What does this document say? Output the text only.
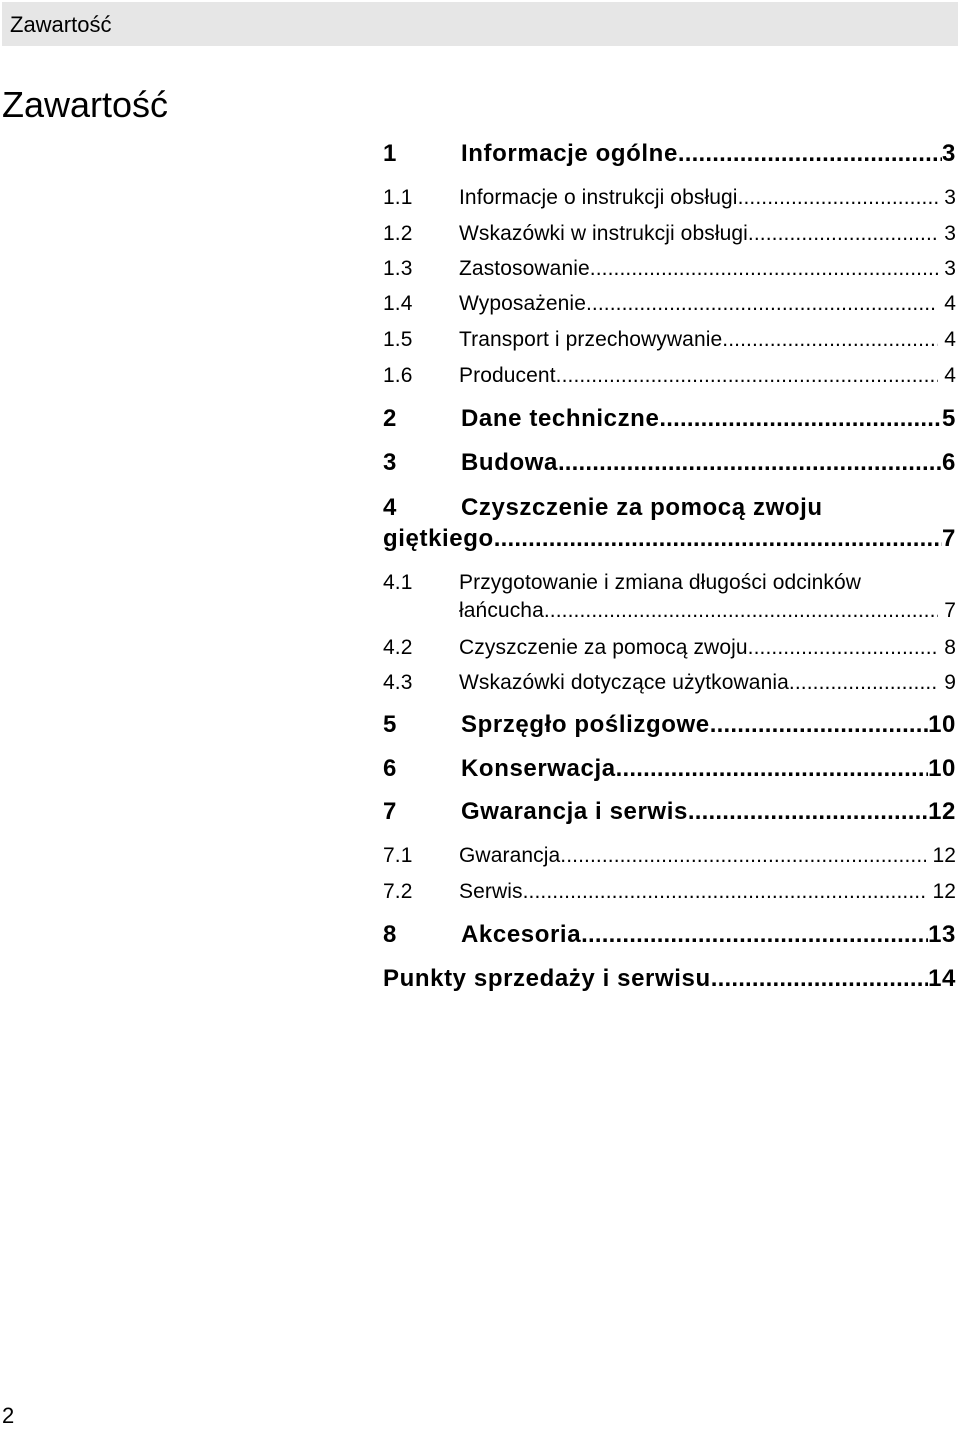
Zawartość
Zawartość
1	Informacje ogólne .....	3
1.1	Informacje o instrukcji obsługi .....	3
1.2	Wskazówki w instrukcji obsługi .....	3
1.3	Zastosowanie .....	3
1.4	Wyposażenie .....	4
1.5	Transport i przechowywanie .....	4
1.6	Producent .....	4
2	Dane techniczne .....	5
3	Budowa .....	6
4	Czyszczenie za pomocą zwoju
giętkiego .....	7
4.1 Przygotowanie i zmiana długości odcinków
łańcucha .....	7
4.2	Czyszczenie za pomocą zwoju .....	8
4.3	Wskazówki dotyczące użytkowania .....	9
5	Sprzęgło poślizgowe .....	10
6	Konserwacja .....	10
7	Gwarancja i serwis .....	12
7.1	Gwarancja .....	12
7.2	Serwis .....	12
8	Akcesoria .....	13
Punkty sprzedaży i serwisu .....	14
2
